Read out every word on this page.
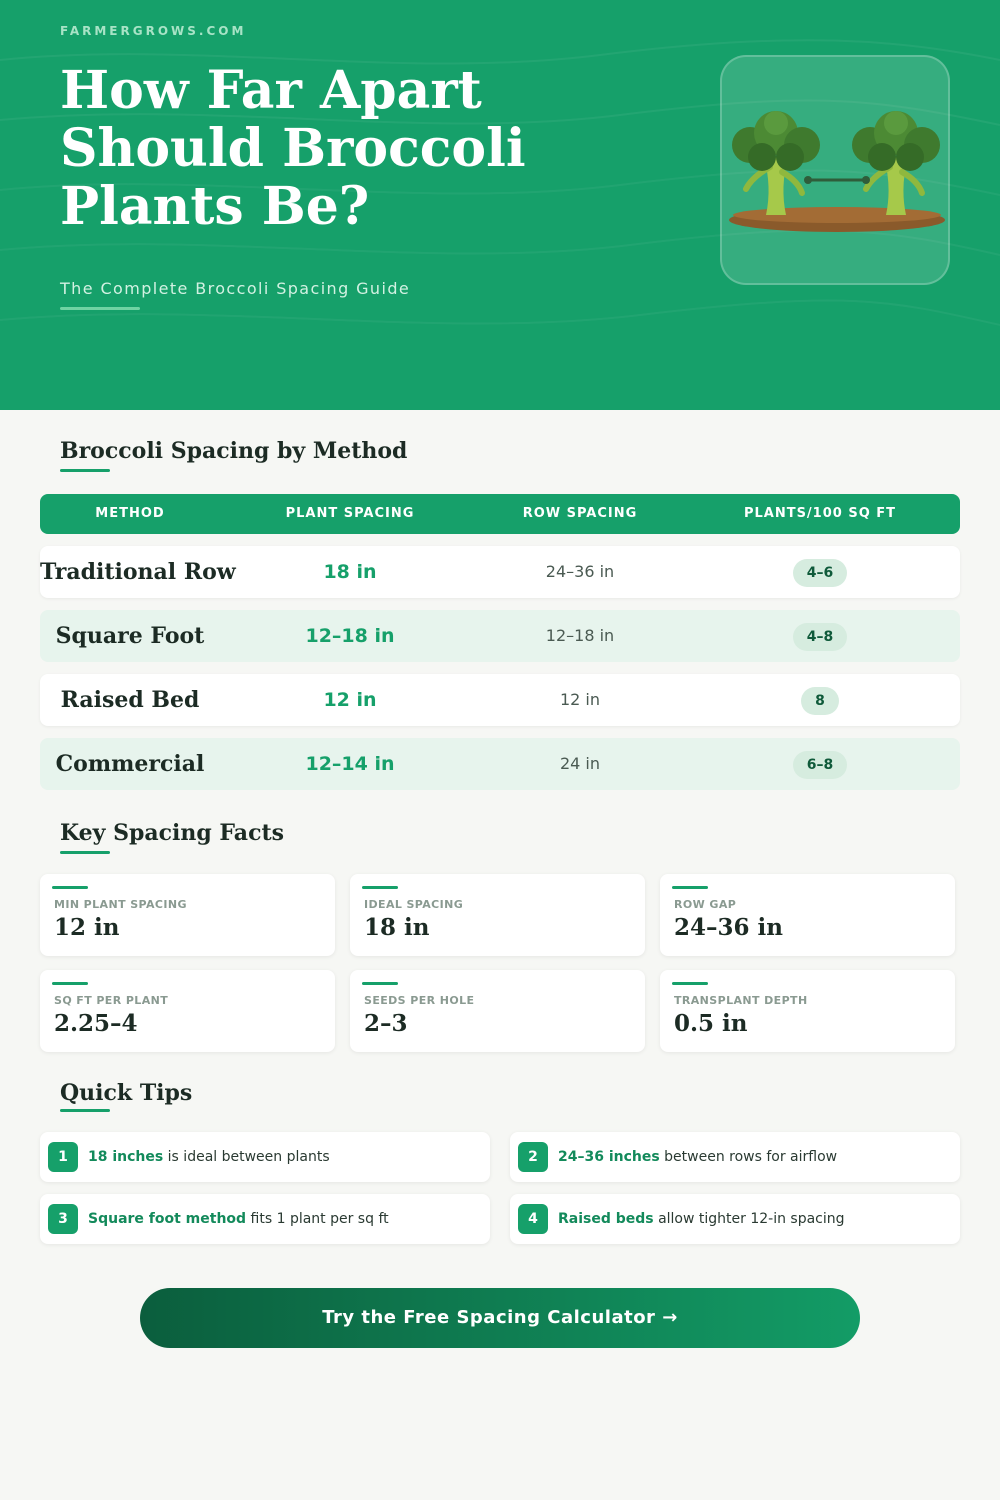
FARMERGROWS.COM
How Far Apart Should Broccoli Plants Be?
The Complete Broccoli Spacing Guide
Broccoli Spacing by Method
METHOD	PLANT SPACING	ROW SPACING	PLANTS/100 SQ FT
Traditional Row	18 in	24–36 in	4–6
Square Foot	12–18 in	12–18 in	4–8
Raised Bed	12 in	12 in	8
Commercial	12–14 in	24 in	6–8
Key Spacing Facts
MIN PLANT SPACING
12 in
IDEAL SPACING
18 in
ROW GAP
24–36 in
SQ FT PER PLANT
2.25–4
SEEDS PER HOLE
2–3
TRANSPLANT DEPTH
0.5 in
Quick Tips
1	18 inches is ideal between plants	2	24–36 inches between rows for airflow
3	Square foot method fits 1 plant per sq ft	4	Raised beds allow tighter 12-in spacing
Try the Free Spacing Calculator →
